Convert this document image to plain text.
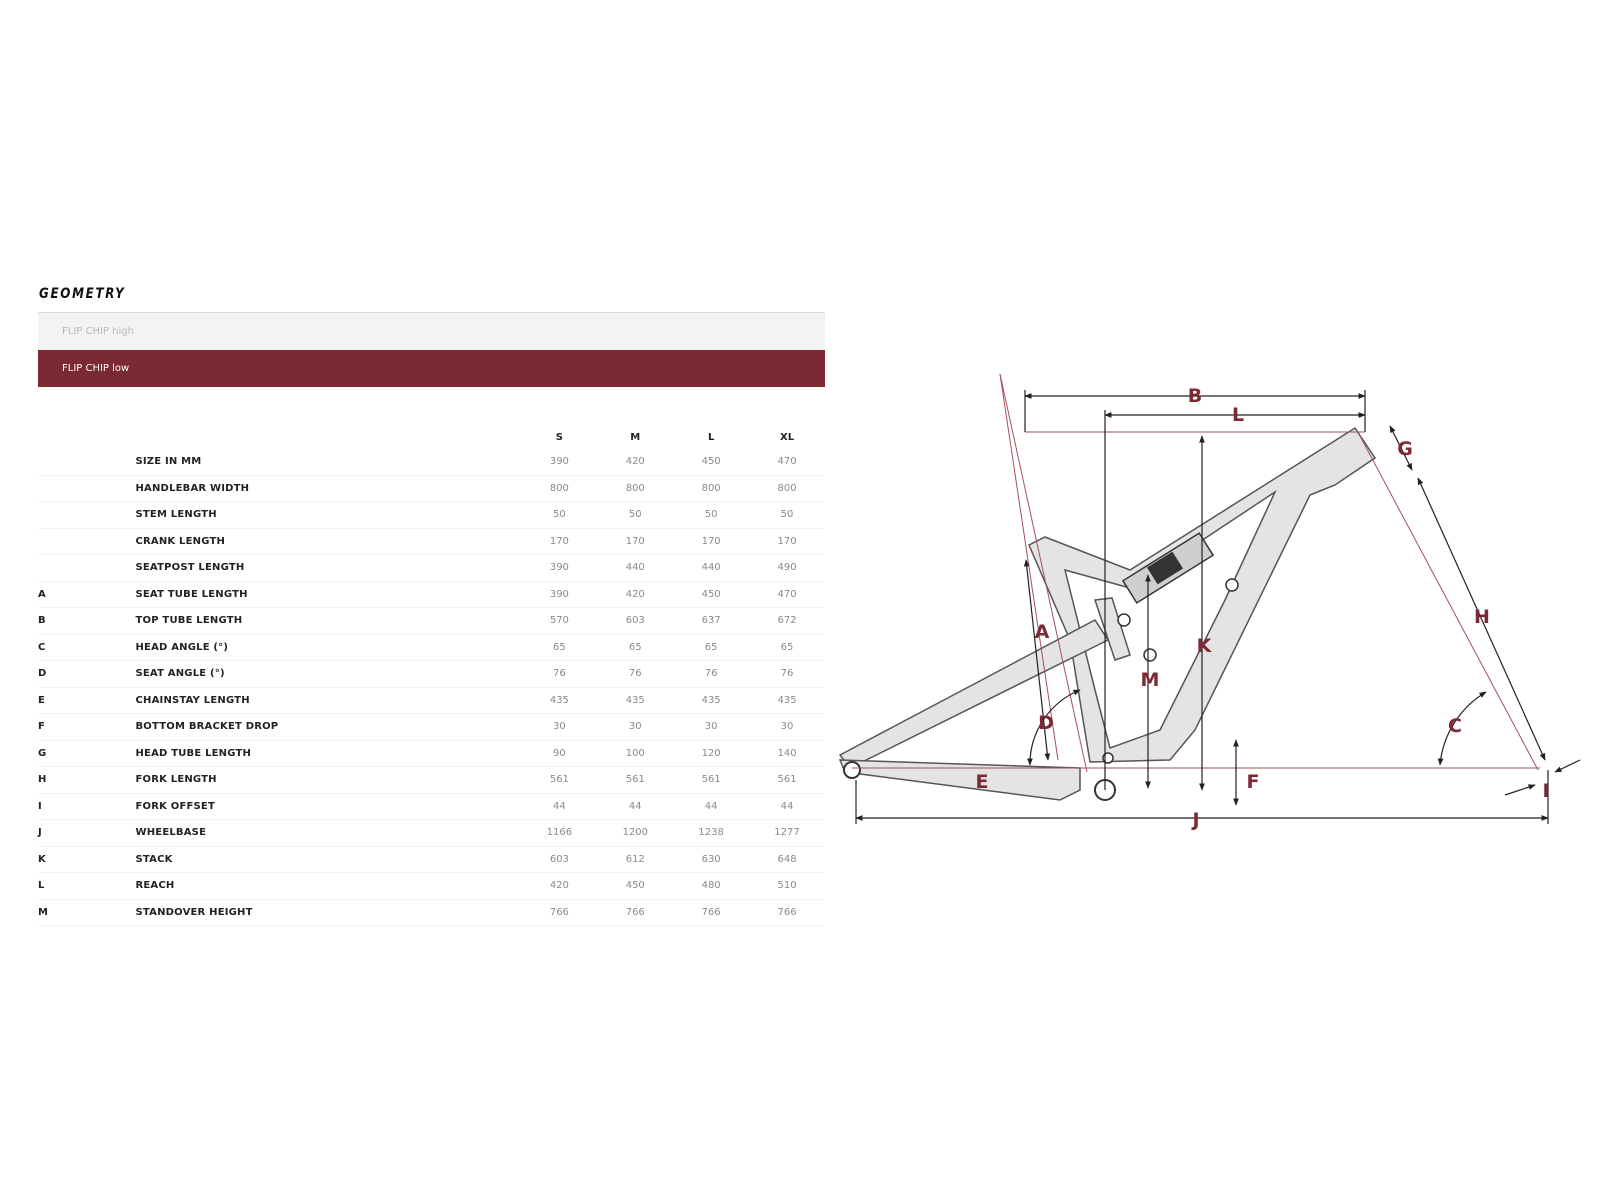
GEOMETRY
FLIP CHIP high
FLIP CHIP low
		S	M	L	XL
	SIZE IN MM	390	420	450	470
	HANDLEBAR WIDTH	800	800	800	800
	STEM LENGTH	50	50	50	50
	CRANK LENGTH	170	170	170	170
	SEATPOST LENGTH	390	440	440	490
A	SEAT TUBE LENGTH	390	420	450	470
B	TOP TUBE LENGTH	570	603	637	672
C	HEAD ANGLE (°)	65	65	65	65
D	SEAT ANGLE (°)	76	76	76	76
E	CHAINSTAY LENGTH	435	435	435	435
F	BOTTOM BRACKET DROP	30	30	30	30
G	HEAD TUBE LENGTH	90	100	120	140
H	FORK LENGTH	561	561	561	561
I	FORK OFFSET	44	44	44	44
J	WHEELBASE	1166	1200	1238	1277
K	STACK	603	612	630	648
L	REACH	420	450	480	510
M	STANDOVER HEIGHT	766	766	766	766
B
L
G
A
K
M
H
C
D
E	F	I
J
